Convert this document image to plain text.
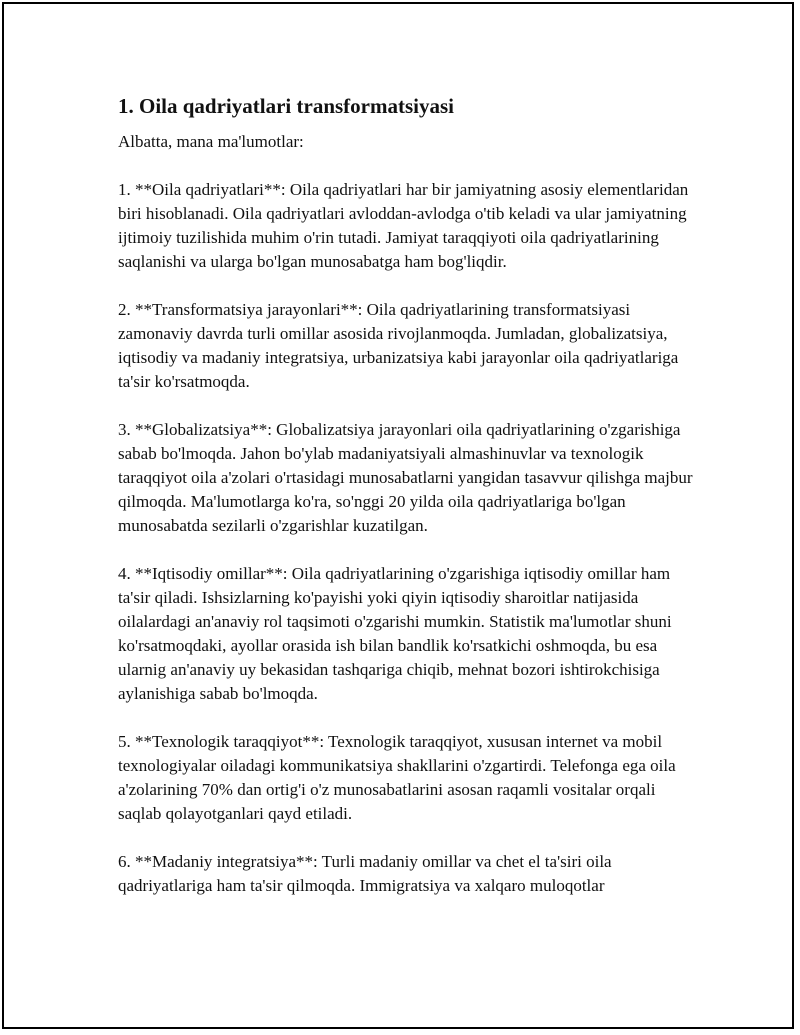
1. Oila qadriyatlari transformatsiyasi

Albatta, mana ma'lumotlar:

1. **Oila qadriyatlari**: Oila qadriyatlari har bir jamiyatning asosiy elementlaridan biri hisoblanadi. Oila qadriyatlari avloddan-avlodga o'tib keladi va ular jamiyatning ijtimoiy tuzilishida muhim o'rin tutadi. Jamiyat taraqqiyoti oila qadriyatlarining saqlanishi va ularga bo'lgan munosabatga ham bog'liqdir.

2. **Transformatsiya jarayonlari**: Oila qadriyatlarining transformatsiyasi zamonaviy davrda turli omillar asosida rivojlanmoqda. Jumladan, globalizatsiya, iqtisodiy va madaniy integratsiya, urbanizatsiya kabi jarayonlar oila qadriyatlariga ta'sir ko'rsatmoqda.

3. **Globalizatsiya**: Globalizatsiya jarayonlari oila qadriyatlarining o'zgarishiga sabab bo'lmoqda. Jahon bo'ylab madaniyatsiyali almashinuvlar va texnologik taraqqiyot oila a'zolari o'rtasidagi munosabatlarni yangidan tasavvur qilishga majbur qilmoqda. Ma'lumotlarga ko'ra, so'nggi 20 yilda oila qadriyatlariga bo'lgan munosabatda sezilarli o'zgarishlar kuzatilgan.

4. **Iqtisodiy omillar**: Oila qadriyatlarining o'zgarishiga iqtisodiy omillar ham ta'sir qiladi. Ishsizlarning ko'payishi yoki qiyin iqtisodiy sharoitlar natijasida oilalardagi an'anaviy rol taqsimoti o'zgarishi mumkin. Statistik ma'lumotlar shuni ko'rsatmoqdaki, ayollar orasida ish bilan bandlik ko'rsatkichi oshmoqda, bu esa ularnig an'anaviy uy bekasidan tashqariga chiqib, mehnat bozori ishtirokchisiga aylanishiga sabab bo'lmoqda.

5. **Texnologik taraqqiyot**: Texnologik taraqqiyot, xususan internet va mobil texnologiyalar oiladagi kommunikatsiya shakllarini o'zgartirdi. Telefonga ega oila a'zolarining 70% dan ortig'i o'z munosabatlarini asosan raqamli vositalar orqali saqlab qolayotganlari qayd etiladi.

6. **Madaniy integratsiya**: Turli madaniy omillar va chet el ta'siri oila qadriyatlariga ham ta'sir qilmoqda. Immigratsiya va xalqaro muloqotlar
